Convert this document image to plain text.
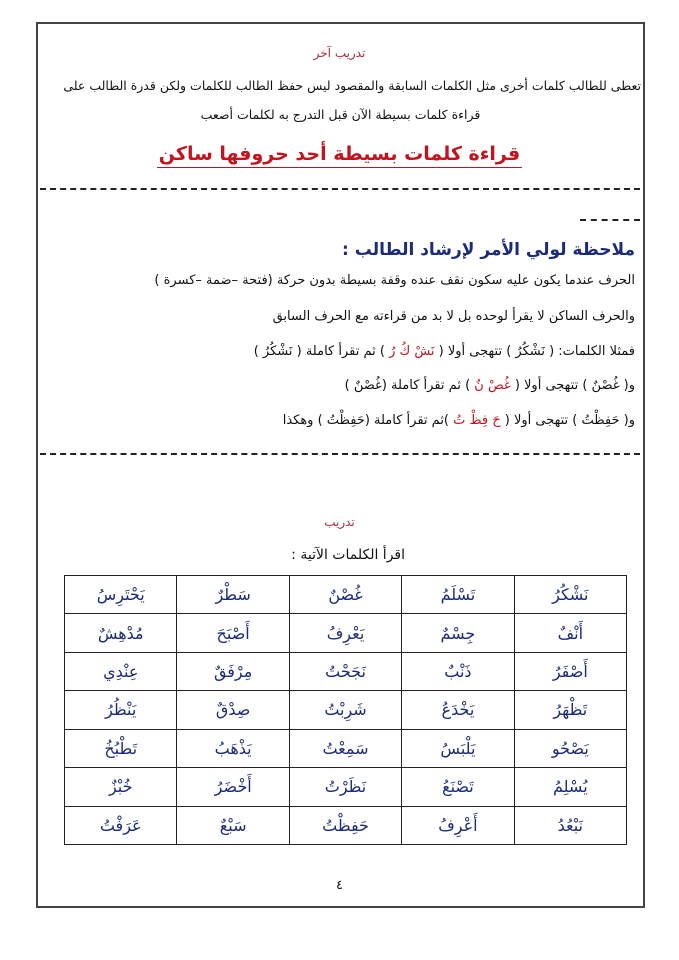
تدريب آخر
تعطى للطالب كلمات أخرى مثل الكلمات السابقة والمقصود ليس حفظ الطالب للكلمات ولكن قدرة الطالب على
قراءة كلمات بسيطة الآن قبل التدرج به لكلمات أصعب
قراءة كلمات بسيطة أحد حروفها ساكن
ملاحظة لولي الأمر لإرشاد الطالب :
الحرف عندما يكون عليه سكون نقف عنده وقفة بسيطة بدون حركة (فتحة –ضمة –كسرة )
والحرف الساكن لا يقرأ لوحده بل لا بد من قراءته مع الحرف السابق
فمثلا الكلمات: ( نَشْكُرُ ) تتهجى أولا ( نَشْ كُ رُ ) ثم تقرأ كاملة ( نَشْكُرُ )
و( غُصْنٌ ) تتهجى أولا ( غُصْ نٌ ) ثم تقرأ كاملة (غُصْنٌ )
و( حَفِظْتُ ) تتهجى أولا ( حَ فِظْ تُ )ثم تقرأ كاملة (حَفِظْتُ ) وهكذا
تدريب
اقرأ الكلمات الآتية :
نَشْكُرُ	تَسْلَمُ	غُصْنٌ	سَطْرٌ	يَحْتَرِسُ
أَنْفٌ	جِسْمٌ	يَعْرِفُ	أَصْبَحَ	مُدْهِشٌ
أَصْفَرُ	ذَنْبٌ	نَجَحْتُ	مِرْفَقٌ	عِنْدِي
تَظْهَرُ	يَخْدَعُ	شَرِبْتُ	صِدْقٌ	يَنْظُرُ
يَصْحُو	يَلْبَسُ	سَمِعْتُ	يَذْهَبُ	تَطْبُخُ
يُسْلِمُ	تَصْنَعُ	نَظَرْتُ	أَخْضَرُ	خُبْزٌ
نَبْعُدُ	أَعْرِفُ	حَفِظْتُ	سَبْعٌ	عَرَفْتُ
٤
